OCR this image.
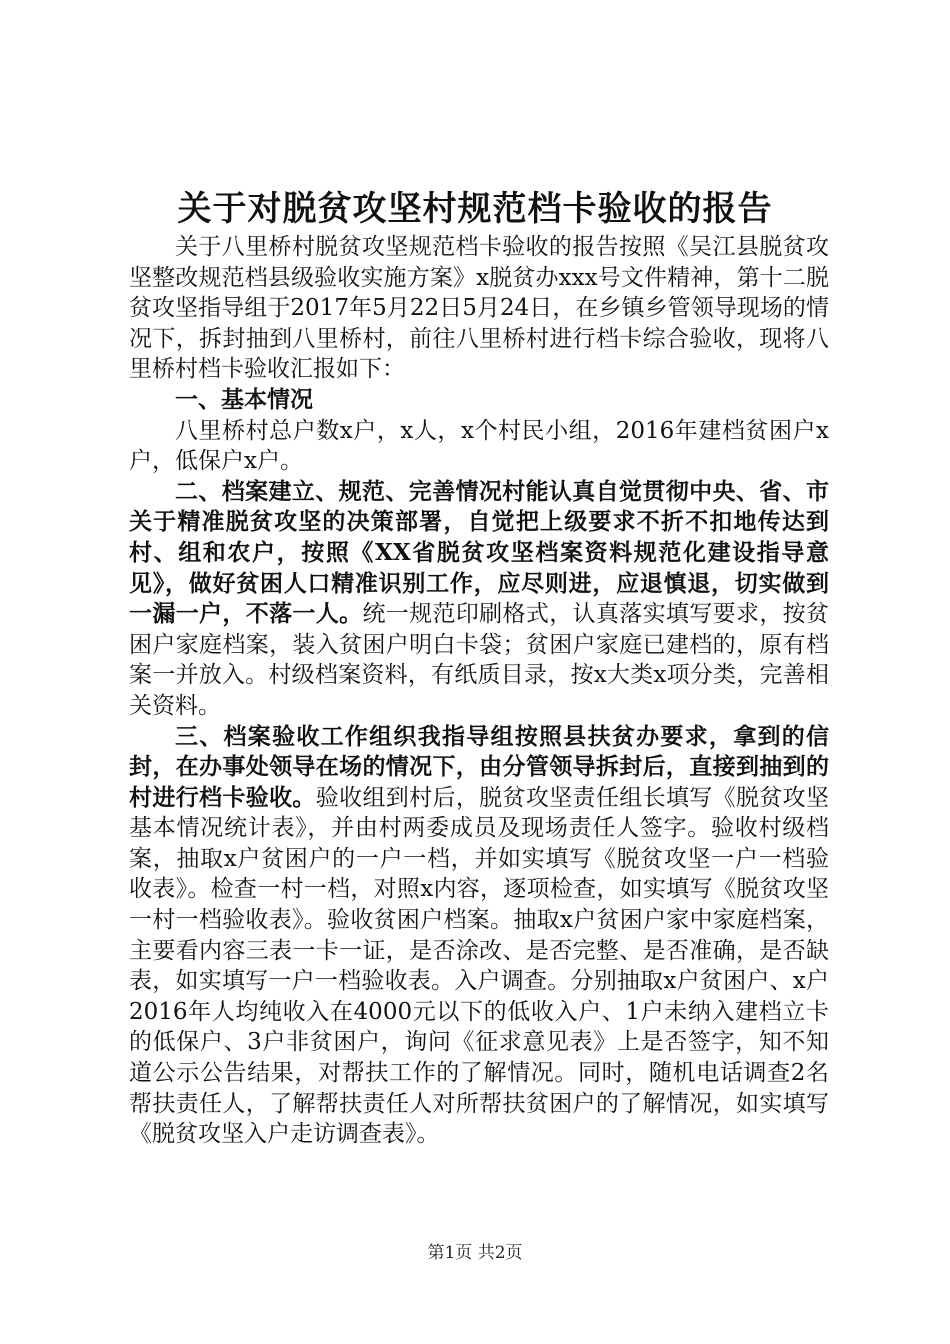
关于对脱贫攻坚村规范档卡验收的报告

关于八里桥村脱贫攻坚规范档卡验收的报告按照《吴江县脱贫攻坚整改规范档县级验收实施方案》x脱贫办xxx号文件精神，第十二脱贫攻坚指导组于2017年5月22日5月24日，在乡镇乡管领导现场的情况下，拆封抽到八里桥村，前往八里桥村进行档卡综合验收，现将八里桥村档卡验收汇报如下：

一、基本情况

八里桥村总户数x户，x人，x个村民小组，2016年建档贫困户x户，低保户x户。

二、档案建立、规范、完善情况村能认真自觉贯彻中央、省、市关于精准脱贫攻坚的决策部署，自觉把上级要求不折不扣地传达到村、组和农户，按照《XX省脱贫攻坚档案资料规范化建设指导意见》，做好贫困人口精准识别工作，应尽则进，应退慎退，切实做到一漏一户，不落一人。统一规范印刷格式，认真落实填写要求，按贫困户家庭档案，装入贫困户明白卡袋；贫困户家庭已建档的，原有档案一并放入。村级档案资料，有纸质目录，按x大类x项分类，完善相关资料。

三、档案验收工作组织我指导组按照县扶贫办要求，拿到的信封，在办事处领导在场的情况下，由分管领导拆封后，直接到抽到的村进行档卡验收。验收组到村后，脱贫攻坚责任组长填写《脱贫攻坚基本情况统计表》，并由村两委成员及现场责任人签字。验收村级档案，抽取x户贫困户的一户一档，并如实填写《脱贫攻坚一户一档验收表》。检查一村一档，对照x内容，逐项检查，如实填写《脱贫攻坚一村一档验收表》。验收贫困户档案。抽取x户贫困户家中家庭档案，主要看内容三表一卡一证，是否涂改、是否完整、是否准确，是否缺表，如实填写一户一档验收表。入户调查。分别抽取x户贫困户、x户2016年人均纯收入在4000元以下的低收入户、1户未纳入建档立卡的低保户、3户非贫困户，询问《征求意见表》上是否签字，知不知道公示公告结果，对帮扶工作的了解情况。同时，随机电话调查2名帮扶责任人，了解帮扶责任人对所帮扶贫困户的了解情况，如实填写《脱贫攻坚入户走访调查表》。

第1页 共2页
